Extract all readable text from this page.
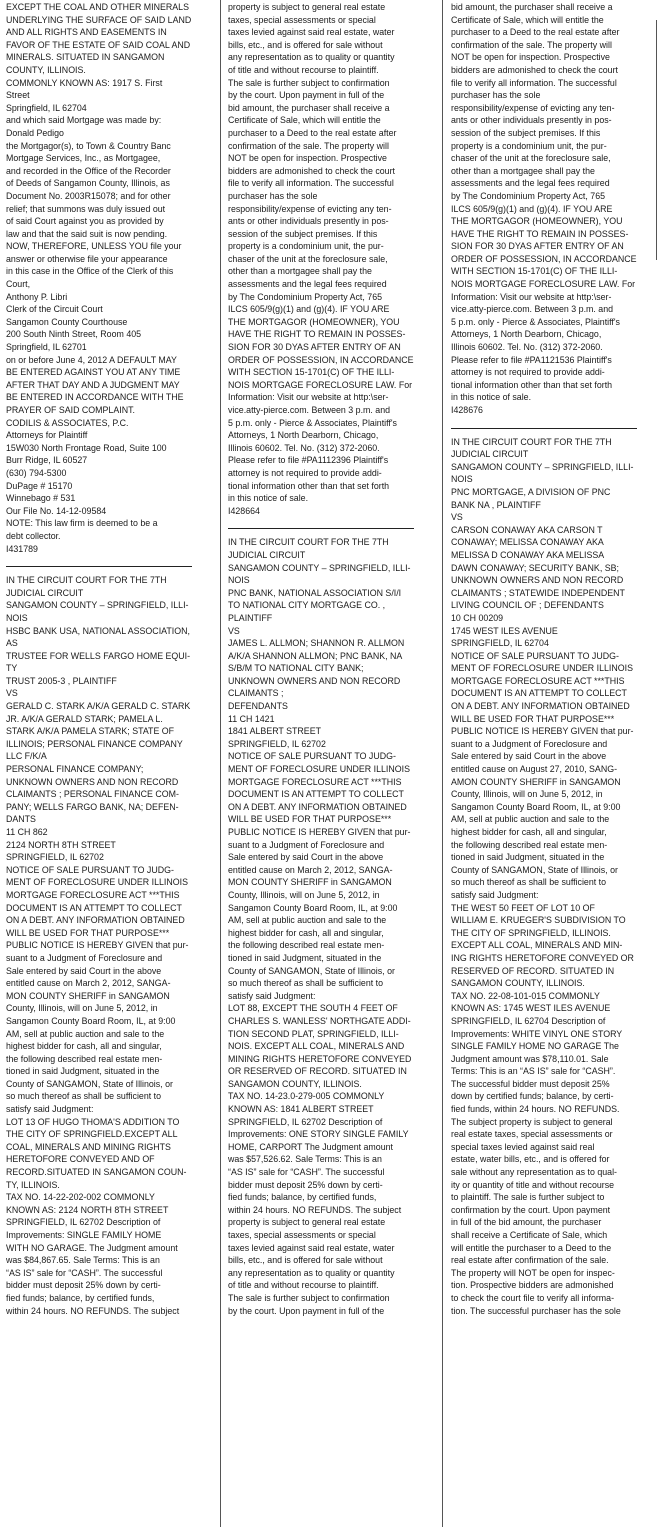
EXCEPT THE COAL AND OTHER MINERALS
UNDERLYING THE SURFACE OF SAID LAND
AND ALL RIGHTS AND EASEMENTS IN
FAVOR OF THE ESTATE OF SAID COAL AND
MINERALS. SITUATED IN SANGAMON
COUNTY, ILLINOIS.
COMMONLY KNOWN AS: 1917 S. First
Street
Springfield, IL 62704
and which said Mortgage was made by:
Donald Pedigo
the Mortgagor(s), to Town & Country Banc
Mortgage Services, Inc., as Mortgagee,
and recorded in the Office of the Recorder
of Deeds of Sangamon County, Illinois, as
Document No. 2003R15078; and for other
relief; that summons was duly issued out
of said Court against you as provided by
law and that the said suit is now pending.
NOW, THEREFORE, UNLESS YOU file your
answer or otherwise file your appearance
in this case in the Office of the Clerk of this
Court,
Anthony P. Libri
Clerk of the Circuit Court
Sangamon County Courthouse
200 South Ninth Street, Room 405
Springfield, IL 62701
on or before June 4, 2012 A DEFAULT MAY
BE ENTERED AGAINST YOU AT ANY TIME
AFTER THAT DAY AND A JUDGMENT MAY
BE ENTERED IN ACCORDANCE WITH THE
PRAYER OF SAID COMPLAINT.
CODILIS & ASSOCIATES, P.C.
Attorneys for Plaintiff
15W030 North Frontage Road, Suite 100
Burr Ridge, IL 60527
(630) 794-5300
DuPage # 15170
Winnebago # 531
Our File No. 14-12-09584
NOTE: This law firm is deemed to be a
debt collector.
I431789
IN THE CIRCUIT COURT FOR THE 7TH
JUDICIAL CIRCUIT
SANGAMON COUNTY – SPRINGFIELD, ILLI-
NOIS
HSBC BANK USA, NATIONAL ASSOCIATION,
AS
TRUSTEE FOR WELLS FARGO HOME EQUI-
TY
TRUST 2005-3 , PLAINTIFF
VS
GERALD C. STARK A/K/A GERALD C. STARK
JR. A/K/A GERALD STARK; PAMELA L.
STARK A/K/A PAMELA STARK; STATE OF
ILLINOIS; PERSONAL FINANCE COMPANY
LLC F/K/A
PERSONAL FINANCE COMPANY;
UNKNOWN OWNERS AND NON RECORD
CLAIMANTS ; PERSONAL FINANCE COM-
PANY; WELLS FARGO BANK, NA; DEFEN-
DANTS
11 CH 862
2124 NORTH 8TH STREET
SPRINGFIELD, IL 62702
NOTICE OF SALE PURSUANT TO JUDG-
MENT OF FORECLOSURE UNDER ILLINOIS
MORTGAGE FORECLOSURE ACT ***THIS
DOCUMENT IS AN ATTEMPT TO COLLECT
ON A DEBT. ANY INFORMATION OBTAINED
WILL BE USED FOR THAT PURPOSE***
PUBLIC NOTICE IS HEREBY GIVEN that pur-
suant to a Judgment of Foreclosure and
Sale entered by said Court in the above
entitled cause on March 2, 2012, SANGA-
MON COUNTY SHERIFF in SANGAMON
County, Illinois, will on June 5, 2012, in
Sangamon County Board Room, IL, at 9:00
AM, sell at public auction and sale to the
highest bidder for cash, all and singular,
the following described real estate men-
tioned in said Judgment, situated in the
County of SANGAMON, State of Illinois, or
so much thereof as shall be sufficient to
satisfy said Judgment:
LOT 13 OF HUGO THOMA'S ADDITION TO
THE CITY OF SPRINGFIELD.EXCEPT ALL
COAL, MINERALS AND MINING RIGHTS
HERETOFORE CONVEYED AND OF
RECORD.SITUATED IN SANGAMON COUN-
TY, ILLINOIS.
TAX NO. 14-22-202-002 COMMONLY
KNOWN AS: 2124 NORTH 8TH STREET
SPRINGFIELD, IL 62702 Description of
Improvements: SINGLE FAMILY HOME
WITH NO GARAGE. The Judgment amount
was $84,867.65. Sale Terms: This is an
“AS IS” sale for “CASH”. The successful
bidder must deposit 25% down by certi-
fied funds; balance, by certified funds,
within 24 hours. NO REFUNDS. The subject
property is subject to general real estate
taxes, special assessments or special
taxes levied against said real estate, water
bills, etc., and is offered for sale without
any representation as to quality or quantity
of title and without recourse to plaintiff.
The sale is further subject to confirmation
by the court. Upon payment in full of the
bid amount, the purchaser shall receive a
Certificate of Sale, which will entitle the
purchaser to a Deed to the real estate after
confirmation of the sale. The property will
NOT be open for inspection. Prospective
bidders are admonished to check the court
file to verify all information. The successful
purchaser has the sole
responsibility/expense of evicting any ten-
ants or other individuals presently in pos-
session of the subject premises. If this
property is a condominium unit, the pur-
chaser of the unit at the foreclosure sale,
other than a mortgagee shall pay the
assessments and the legal fees required
by The Condominium Property Act, 765
ILCS 605/9(g)(1) and (g)(4). IF YOU ARE
THE MORTGAGOR (HOMEOWNER), YOU
HAVE THE RIGHT TO REMAIN IN POSSES-
SION FOR 30 DYAS AFTER ENTRY OF AN
ORDER OF POSSESSION, IN ACCORDANCE
WITH SECTION 15-1701(C) OF THE ILLI-
NOIS MORTGAGE FORECLOSURE LAW. For
Information: Visit our website at http:\ser-
vice.atty-pierce.com. Between 3 p.m. and
5 p.m. only - Pierce & Associates, Plaintiff's
Attorneys, 1 North Dearborn, Chicago,
Illinois 60602. Tel. No. (312) 372-2060.
Please refer to file #PA1112396 Plaintiff's
attorney is not required to provide addi-
tional information other than that set forth
in this notice of sale.
I428664
IN THE CIRCUIT COURT FOR THE 7TH
JUDICIAL CIRCUIT
SANGAMON COUNTY – SPRINGFIELD, ILLI-
NOIS
PNC BANK, NATIONAL ASSOCIATION S/I/I
TO NATIONAL CITY MORTGAGE CO. ,
PLAINTIFF
VS
JAMES L. ALLMON; SHANNON R. ALLMON
A/K/A SHANNON ALLMON; PNC BANK, NA
S/B/M TO NATIONAL CITY BANK;
UNKNOWN OWNERS AND NON RECORD
CLAIMANTS ;
DEFENDANTS
11 CH 1421
1841 ALBERT STREET
SPRINGFIELD, IL 62702
NOTICE OF SALE PURSUANT TO JUDG-
MENT OF FORECLOSURE UNDER ILLINOIS
MORTGAGE FORECLOSURE ACT ***THIS
DOCUMENT IS AN ATTEMPT TO COLLECT
ON A DEBT. ANY INFORMATION OBTAINED
WILL BE USED FOR THAT PURPOSE***
PUBLIC NOTICE IS HEREBY GIVEN that pur-
suant to a Judgment of Foreclosure and
Sale entered by said Court in the above
entitled cause on March 2, 2012, SANGA-
MON COUNTY SHERIFF in SANGAMON
County, Illinois, will on June 5, 2012, in
Sangamon County Board Room, IL, at 9:00
AM, sell at public auction and sale to the
highest bidder for cash, all and singular,
the following described real estate men-
tioned in said Judgment, situated in the
County of SANGAMON, State of Illinois, or
so much thereof as shall be sufficient to
satisfy said Judgment:
LOT 88, EXCEPT THE SOUTH 4 FEET OF
CHARLES S. WANLESS' NORTHGATE ADDI-
TION SECOND PLAT, SPRINGFIELD, ILLI-
NOIS. EXCEPT ALL COAL, MINERALS AND
MINING RIGHTS HERETOFORE CONVEYED
OR RESERVED OF RECORD. SITUATED IN
SANGAMON COUNTY, ILLINOIS.
TAX NO. 14-23.0-279-005 COMMONLY
KNOWN AS: 1841 ALBERT STREET
SPRINGFIELD, IL 62702 Description of
Improvements: ONE STORY SINGLE FAMILY
HOME, CARPORT The Judgment amount
was $57,526.62. Sale Terms: This is an
“AS IS” sale for “CASH”. The successful
bidder must deposit 25% down by certi-
fied funds; balance, by certified funds,
within 24 hours. NO REFUNDS. The subject
property is subject to general real estate
taxes, special assessments or special
taxes levied against said real estate, water
bills, etc., and is offered for sale without
any representation as to quality or quantity
of title and without recourse to plaintiff.
The sale is further subject to confirmation
by the court. Upon payment in full of the
bid amount, the purchaser shall receive a
Certificate of Sale, which will entitle the
purchaser to a Deed to the real estate after
confirmation of the sale. The property will
NOT be open for inspection. Prospective
bidders are admonished to check the court
file to verify all information. The successful
purchaser has the sole
responsibility/expense of evicting any ten-
ants or other individuals presently in pos-
session of the subject premises. If this
property is a condominium unit, the pur-
chaser of the unit at the foreclosure sale,
other than a mortgagee shall pay the
assessments and the legal fees required
by The Condominium Property Act, 765
ILCS 605/9(g)(1) and (g)(4). IF YOU ARE
THE MORTGAGOR (HOMEOWNER), YOU
HAVE THE RIGHT TO REMAIN IN POSSES-
SION FOR 30 DYAS AFTER ENTRY OF AN
ORDER OF POSSESSION, IN ACCORDANCE
WITH SECTION 15-1701(C) OF THE ILLI-
NOIS MORTGAGE FORECLOSURE LAW. For
Information: Visit our website at http:\ser-
vice.atty-pierce.com. Between 3 p.m. and
5 p.m. only - Pierce & Associates, Plaintiff's
Attorneys, 1 North Dearborn, Chicago,
Illinois 60602. Tel. No. (312) 372-2060.
Please refer to file #PA1121536 Plaintiff's
attorney is not required to provide addi-
tional information other than that set forth
in this notice of sale.
I428676
IN THE CIRCUIT COURT FOR THE 7TH
JUDICIAL CIRCUIT
SANGAMON COUNTY – SPRINGFIELD, ILLI-
NOIS
PNC MORTGAGE, A DIVISION OF PNC
BANK NA , PLAINTIFF
VS
CARSON CONAWAY AKA CARSON T
CONAWAY; MELISSA CONAWAY AKA
MELISSA D CONAWAY AKA MELISSA
DAWN CONAWAY; SECURITY BANK, SB;
UNKNOWN OWNERS AND NON RECORD
CLAIMANTS ; STATEWIDE INDEPENDENT
LIVING COUNCIL OF ; DEFENDANTS
10 CH 00209
1745 WEST ILES AVENUE
SPRINGFIELD, IL 62704
NOTICE OF SALE PURSUANT TO JUDG-
MENT OF FORECLOSURE UNDER ILLINOIS
MORTGAGE FORECLOSURE ACT ***THIS
DOCUMENT IS AN ATTEMPT TO COLLECT
ON A DEBT. ANY INFORMATION OBTAINED
WILL BE USED FOR THAT PURPOSE***
PUBLIC NOTICE IS HEREBY GIVEN that pur-
suant to a Judgment of Foreclosure and
Sale entered by said Court in the above
entitled cause on August 27, 2010, SANG-
AMON COUNTY SHERIFF in SANGAMON
County, Illinois, will on June 5, 2012, in
Sangamon County Board Room, IL, at 9:00
AM, sell at public auction and sale to the
highest bidder for cash, all and singular,
the following described real estate men-
tioned in said Judgment, situated in the
County of SANGAMON, State of Illinois, or
so much thereof as shall be sufficient to
satisfy said Judgment:
THE WEST 50 FEET OF LOT 10 OF
WILLIAM E. KRUEGER'S SUBDIVISION TO
THE CITY OF SPRINGFIELD, ILLINOIS.
EXCEPT ALL COAL, MINERALS AND MIN-
ING RIGHTS HERETOFORE CONVEYED OR
RESERVED OF RECORD. SITUATED IN
SANGAMON COUNTY, ILLINOIS.
TAX NO. 22-08-101-015 COMMONLY
KNOWN AS: 1745 WEST ILES AVENUE
SPRINGFIELD, IL 62704 Description of
Improvements: WHITE VINYL ONE STORY
SINGLE FAMILY HOME NO GARAGE The
Judgment amount was $78,110.01. Sale
Terms: This is an “AS IS” sale for “CASH”.
The successful bidder must deposit 25%
down by certified funds; balance, by certi-
fied funds, within 24 hours. NO REFUNDS.
The subject property is subject to general
real estate taxes, special assessments or
special taxes levied against said real
estate, water bills, etc., and is offered for
sale without any representation as to qual-
ity or quantity of title and without recourse
to plaintiff. The sale is further subject to
confirmation by the court. Upon payment
in full of the bid amount, the purchaser
shall receive a Certificate of Sale, which
will entitle the purchaser to a Deed to the
real estate after confirmation of the sale.
The property will NOT be open for inspec-
tion. Prospective bidders are admonished
to check the court file to verify all informa-
tion. The successful purchaser has the sole
